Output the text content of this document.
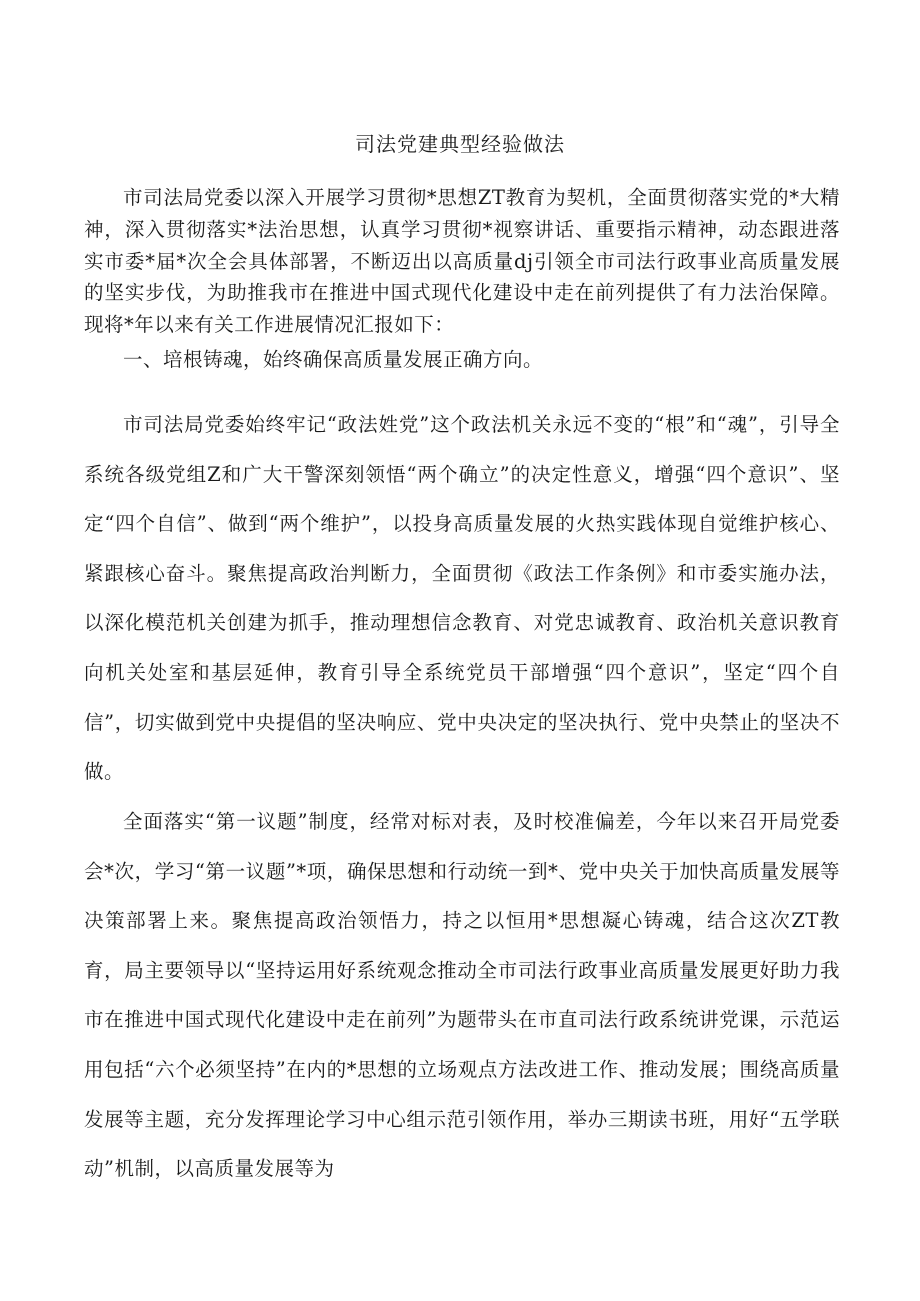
司法党建典型经验做法

市司法局党委以深入开展学习贯彻*思想ZT教育为契机，全面贯彻落实党的*大精神，深入贯彻落实*法治思想，认真学习贯彻*视察讲话、重要指示精神，动态跟进落实市委*届*次全会具体部署，不断迈出以高质量dj引领全市司法行政事业高质量发展的坚实步伐，为助推我市在推进中国式现代化建设中走在前列提供了有力法治保障。现将*年以来有关工作进展情况汇报如下：

一、培根铸魂，始终确保高质量发展正确方向。

市司法局党委始终牢记“政法姓党”这个政法机关永远不变的“根”和“魂”，引导全系统各级党组Z和广大干警深刻领悟“两个确立”的决定性意义，增强“四个意识”、坚定“四个自信”、做到“两个维护”，以投身高质量发展的火热实践体现自觉维护核心、紧跟核心奋斗。聚焦提高政治判断力，全面贯彻《政法工作条例》和市委实施办法，以深化模范机关创建为抓手，推动理想信念教育、对党忠诚教育、政治机关意识教育向机关处室和基层延伸，教育引导全系统党员干部增强“四个意识”，坚定“四个自信”，切实做到党中央提倡的坚决响应、党中央决定的坚决执行、党中央禁止的坚决不做。

全面落实“第一议题”制度，经常对标对表，及时校准偏差，今年以来召开局党委会*次，学习“第一议题”*项，确保思想和行动统一到*、党中央关于加快高质量发展等决策部署上来。聚焦提高政治领悟力，持之以恒用*思想凝心铸魂，结合这次ZT教育，局主要领导以“坚持运用好系统观念推动全市司法行政事业高质量发展更好助力我市在推进中国式现代化建设中走在前列”为题带头在市直司法行政系统讲党课，示范运用包括“六个必须坚持”在内的*思想的立场观点方法改进工作、推动发展；围绕高质量发展等主题，充分发挥理论学习中心组示范引领作用，举办三期读书班，用好“五学联动”机制，以高质量发展等为
